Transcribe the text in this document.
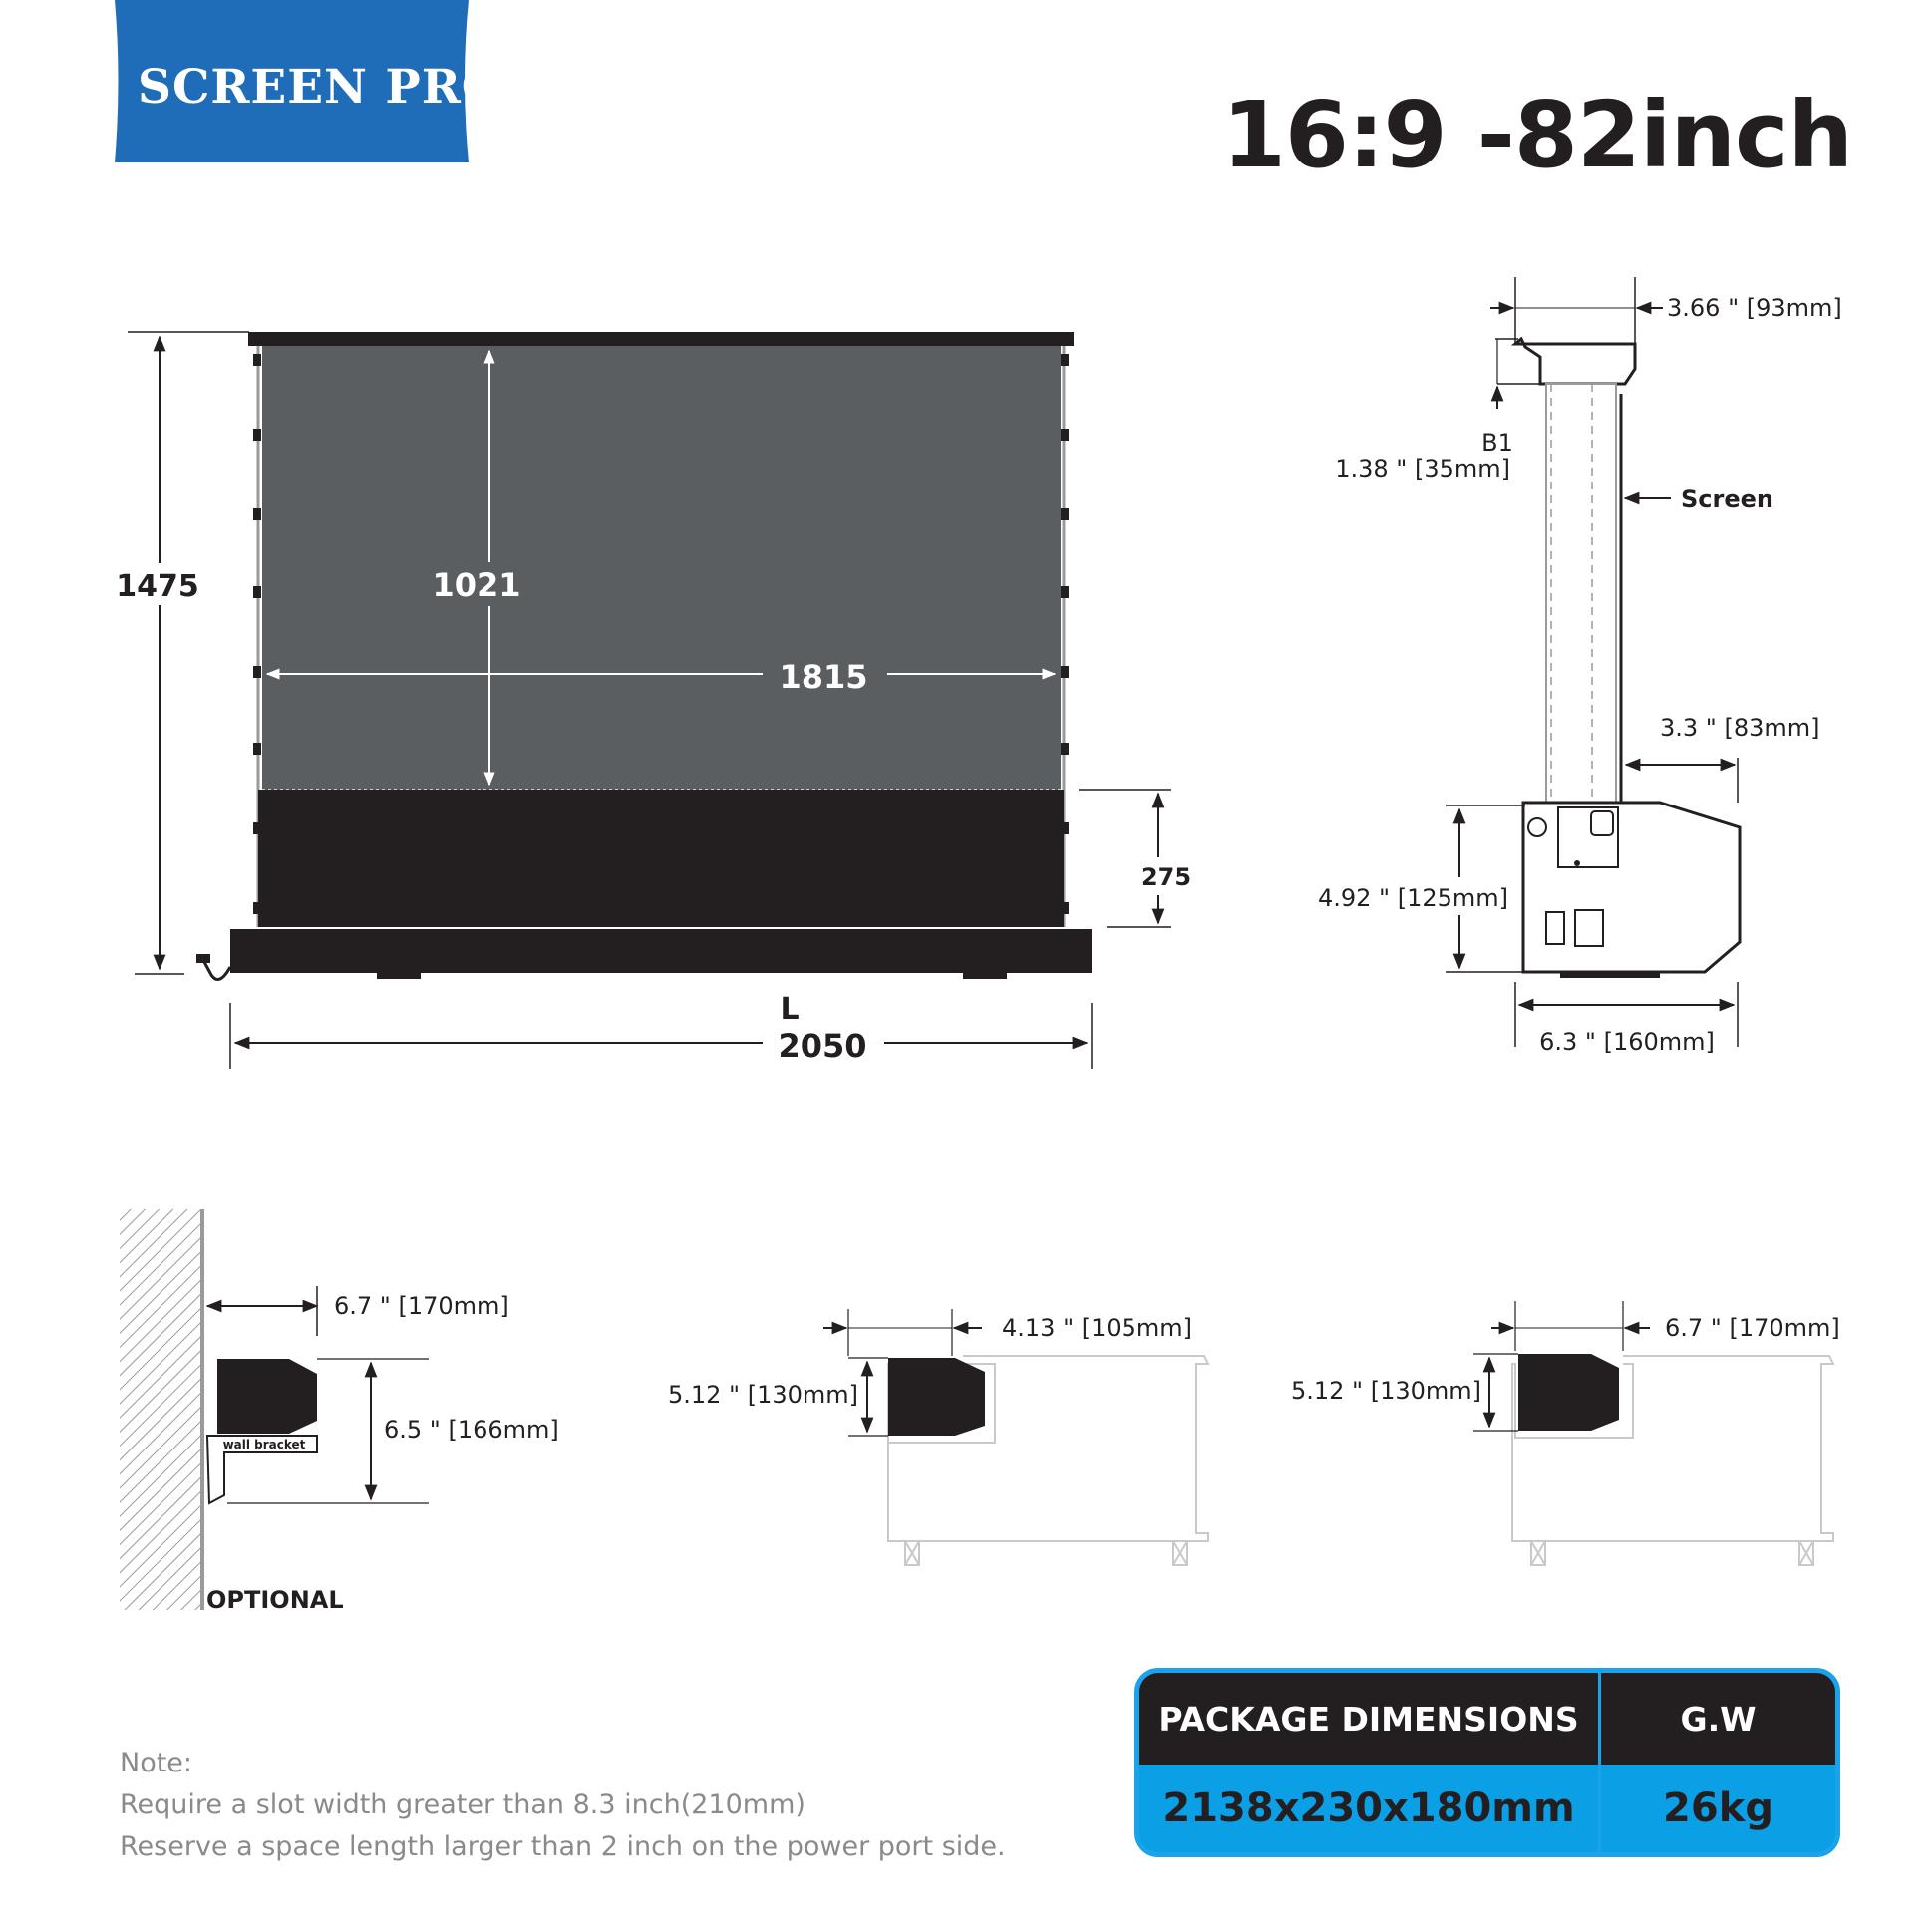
1475	1021
1815
275
L
2050
3.66 " [93mm]
B1
1.38 " [35mm]
Screen
3.3 " [83mm]
4.92 " [125mm]
6.3 " [160mm]
6.7 " [170mm]
wall bracket
6.5 " [166mm]
OPTIONAL
4.13 " [105mm]
5.12 " [130mm]
6.7 " [170mm]
5.12 " [130mm]
SCREEN PRO	16:9 -82inch
Note:
Require a slot width greater than 8.3 inch(210mm)
Reserve a space length larger than 2 inch on the power port side.
PACKAGE DIMENSIONS	G.W
2138x230x180mm	26kg
